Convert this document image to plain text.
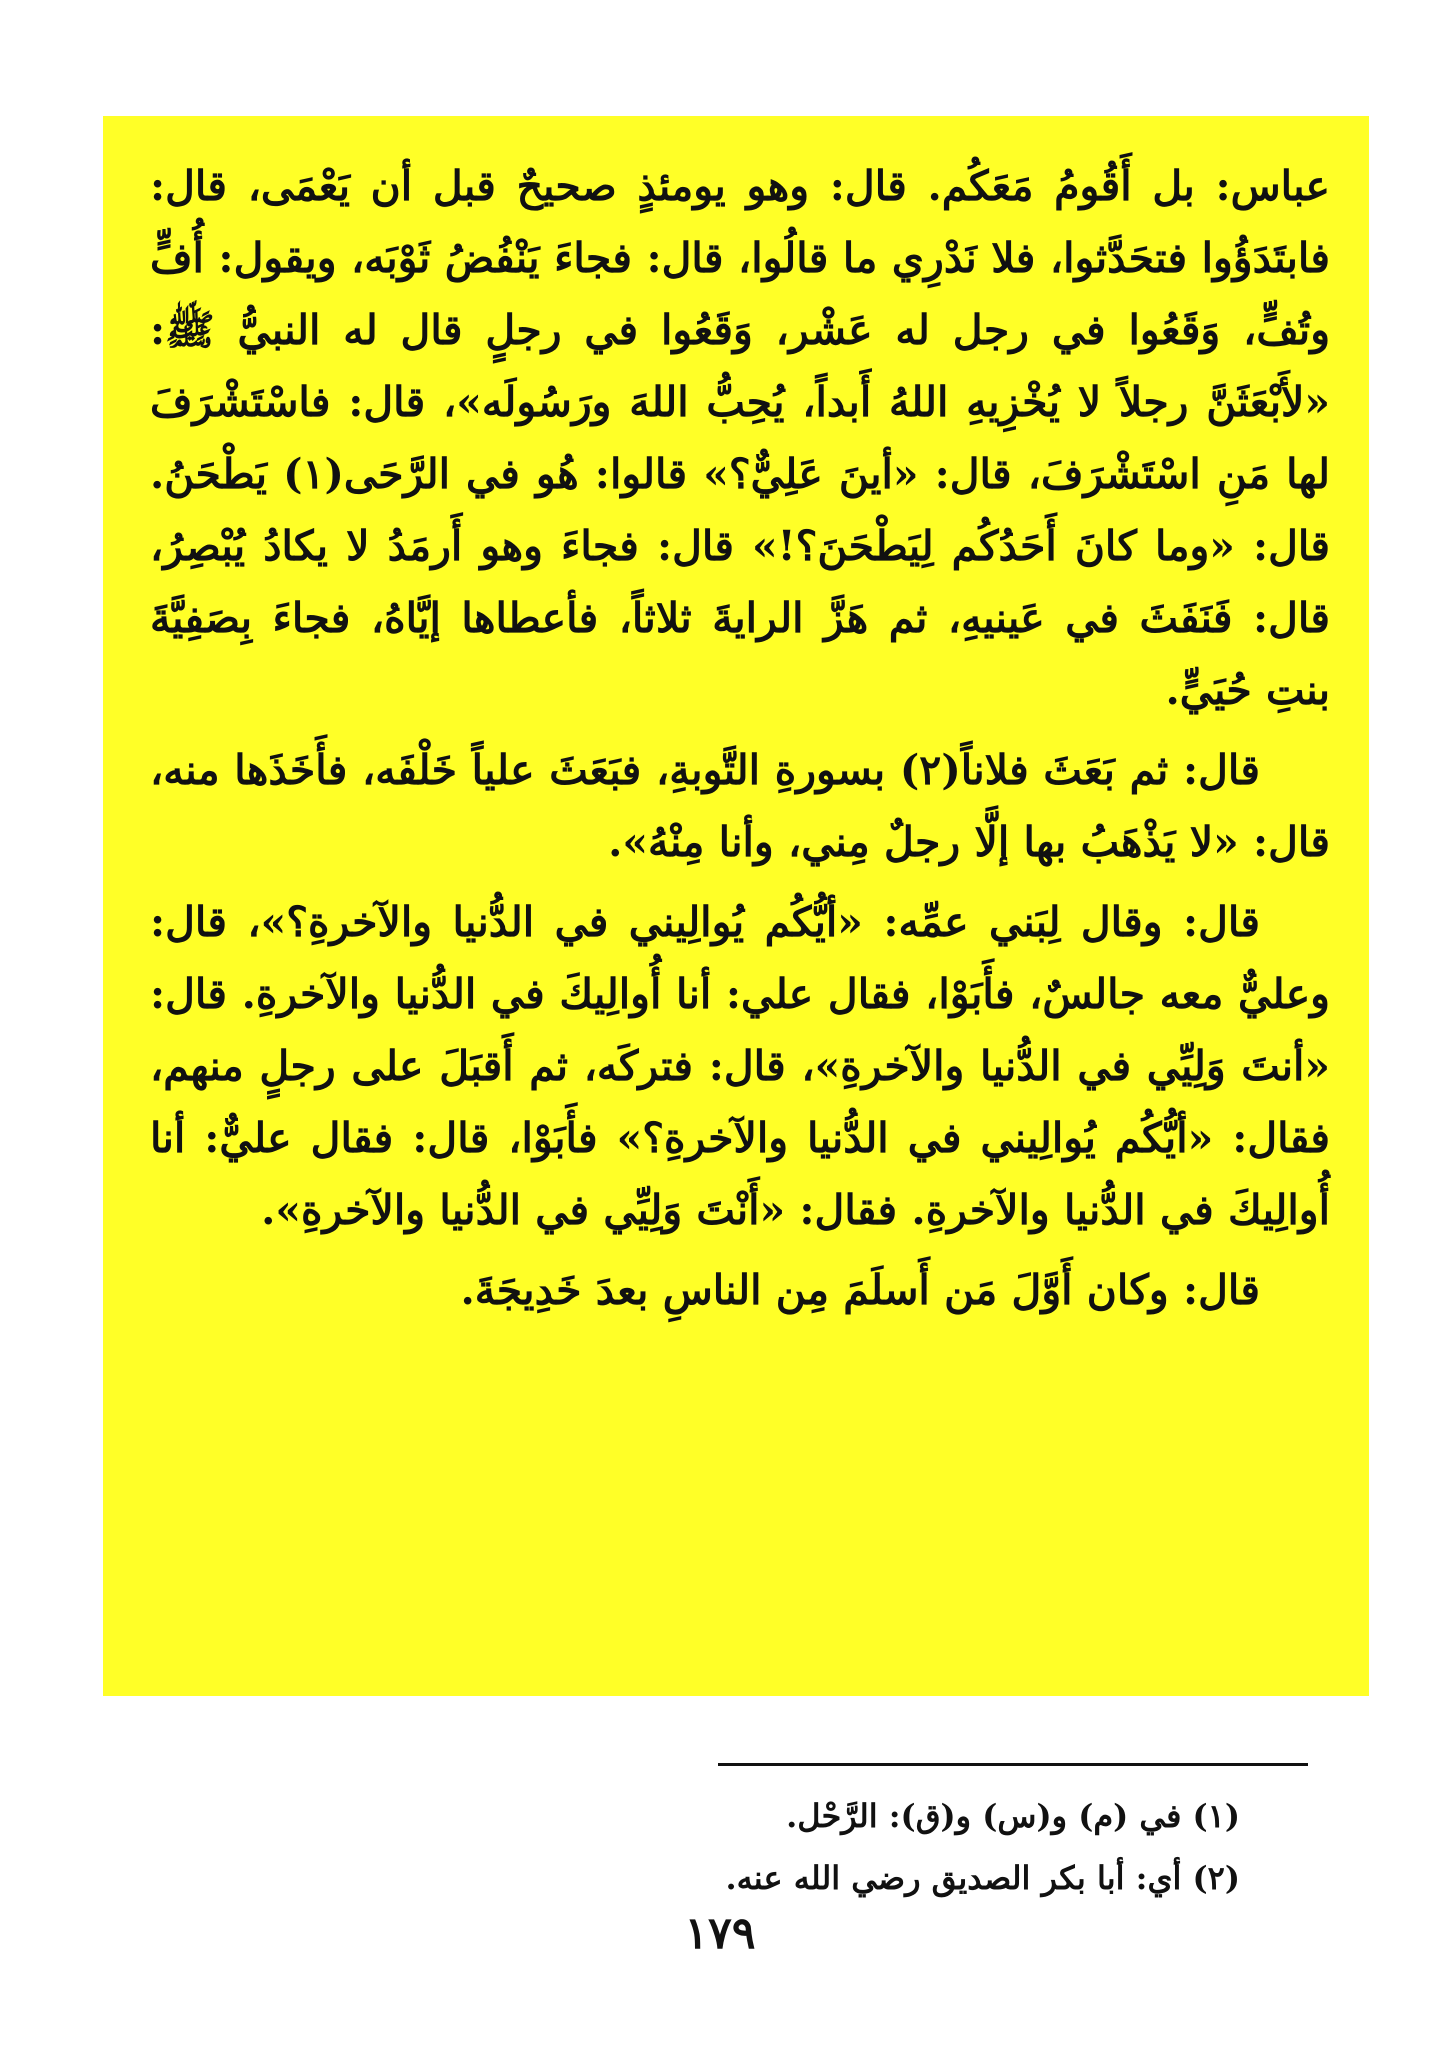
عباس: بل أَقُومُ مَعَكُم. قال: وهو يومئذٍ صحيحٌ قبل أن يَعْمَى، قال: فابتَدَؤُوا فتحَدَّثوا، فلا نَدْرِي ما قالُوا، قال: فجاءَ يَنْفُضُ ثَوْبَه، ويقول: أُفٍّ وتُفٍّ، وَقَعُوا في رجل له عَشْر، وَقَعُوا في رجلٍ قال له النبيُّ ﷺ: «لأَبْعَثَنَّ رجلاً لا يُخْزِيهِ اللهُ أَبداً، يُحِبُّ اللهَ ورَسُولَه»، قال: فاسْتَشْرَفَ لها مَنِ اسْتَشْرَفَ، قال: «أينَ عَلِيٌّ؟» قالوا: هُو في الرَّحَى(١) يَطْحَنُ. قال: «وما كانَ أَحَدُكُم لِيَطْحَنَ؟!» قال: فجاءَ وهو أَرمَدُ لا يكادُ يُبْصِرُ، قال: فَنَفَثَ في عَينيهِ، ثم هَزَّ الرايةَ ثلاثاً، فأعطاها إيَّاهُ، فجاءَ بِصَفِيَّةَ بنتِ حُيَيٍّ.

قال: ثم بَعَثَ فلاناً(٢) بسورةِ التَّوبةِ، فبَعَثَ علياً خَلْفَه، فأَخَذَها منه، قال: «لا يَذْهَبُ بها إلَّا رجلٌ مِني، وأنا مِنْهُ».

قال: وقال لِبَني عمِّه: «أيُّكُم يُوالِيني في الدُّنيا والآخرةِ؟»، قال: وعليٌّ معه جالسٌ، فأَبَوْا، فقال علي: أنا أُوالِيكَ في الدُّنيا والآخرةِ. قال: «أنتَ وَلِيِّي في الدُّنيا والآخرةِ»، قال: فتركَه، ثم أَقبَلَ على رجلٍ منهم، فقال: «أيُّكُم يُوالِيني في الدُّنيا والآخرةِ؟» فأَبَوْا، قال: فقال عليٌّ: أنا أُوالِيكَ في الدُّنيا والآخرةِ. فقال: «أَنْتَ وَلِيِّي في الدُّنيا والآخرةِ».

قال: وكان أَوَّلَ مَن أَسلَمَ مِن الناسِ بعدَ خَدِيجَةَ.

(١) في (م) و(س) و(ق): الرَّحْل.

(٢) أي: أبا بكر الصديق رضي الله عنه.

١٧٩
